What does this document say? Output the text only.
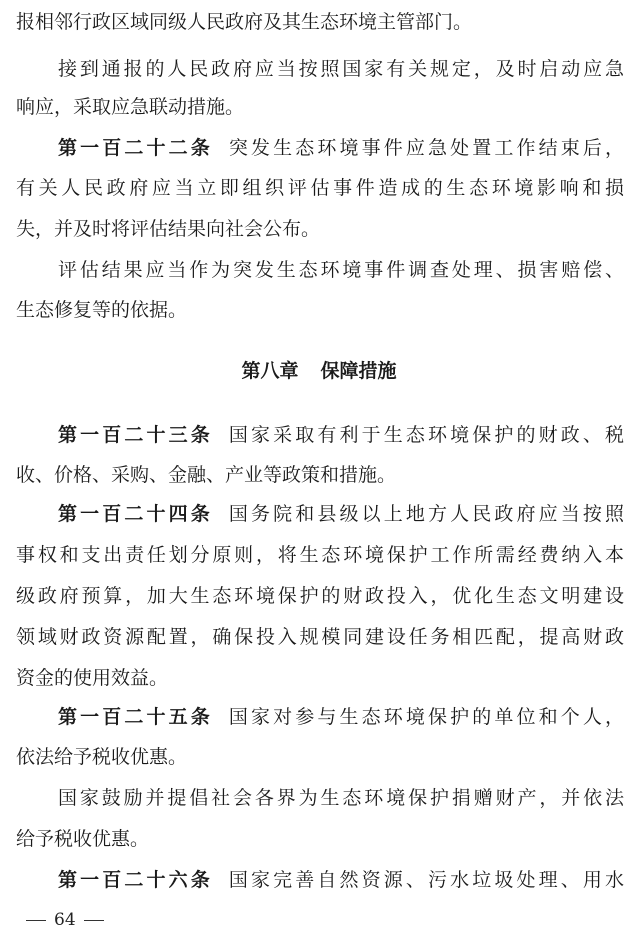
报相邻行政区域同级人民政府及其生态环境主管部门。
接到通报的人民政府应当按照国家有关规定，及时启动应急
响应，采取应急联动措施。
第一百二十二条 突发生态环境事件应急处置工作结束后，
有关人民政府应当立即组织评估事件造成的生态环境影响和损
失，并及时将评估结果向社会公布。
评估结果应当作为突发生态环境事件调查处理、损害赔偿、
生态修复等的依据。
第八章 保障措施
第一百二十三条 国家采取有利于生态环境保护的财政、税
收、价格、采购、金融、产业等政策和措施。
第一百二十四条 国务院和县级以上地方人民政府应当按照
事权和支出责任划分原则，将生态环境保护工作所需经费纳入本
级政府预算，加大生态环境保护的财政投入，优化生态文明建设
领域财政资源配置，确保投入规模同建设任务相匹配，提高财政
资金的使用效益。
第一百二十五条 国家对参与生态环境保护的单位和个人，
依法给予税收优惠。
国家鼓励并提倡社会各界为生态环境保护捐赠财产，并依法
给予税收优惠。
第一百二十六条 国家完善自然资源、污水垃圾处理、用水
64
